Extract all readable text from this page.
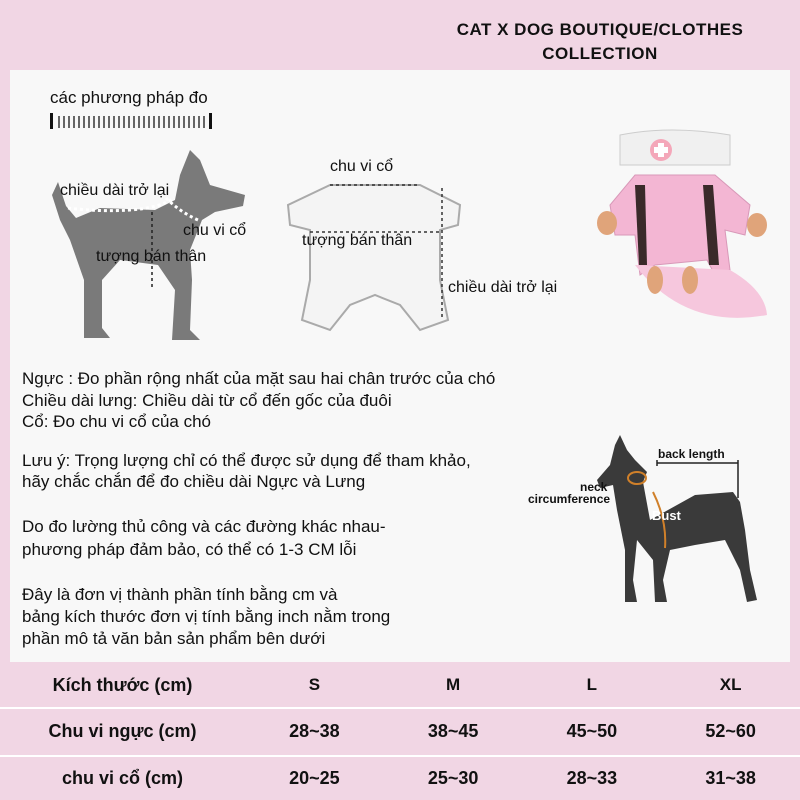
CAT X DOG BOUTIQUE/CLOTHES
COLLECTION
các phương pháp đo
chiều dài trở lại
chu vi cổ
tượng bán thân
chu vi cổ
tượng bán thân
chiều dài trở lại
Ngực : Đo phần rộng nhất của mặt sau hai chân trước của chó
Chiều dài lưng: Chiều dài từ cổ đến gốc của đuôi
Cổ: Đo chu vi cổ của chó
Lưu ý: Trọng lượng chỉ có thể được sử dụng để tham khảo,
hãy chắc chắn để đo chiều dài Ngực và Lưng
Do đo lường thủ công và các đường khác nhau-
phương pháp đảm bảo, có thể có 1-3 CM lỗi
Đây là đơn vị thành phần tính bằng cm và
bảng kích thước đơn vị tính bằng inch nằm trong
phần mô tả văn bản sản phẩm bên dưới
back length
neck
circumference
Bust
Kích thước (cm)	S	M	L	XL
Chu vi ngực (cm)	28~38	38~45	45~50	52~60
chu vi cổ (cm)	20~25	25~30	28~33	31~38
